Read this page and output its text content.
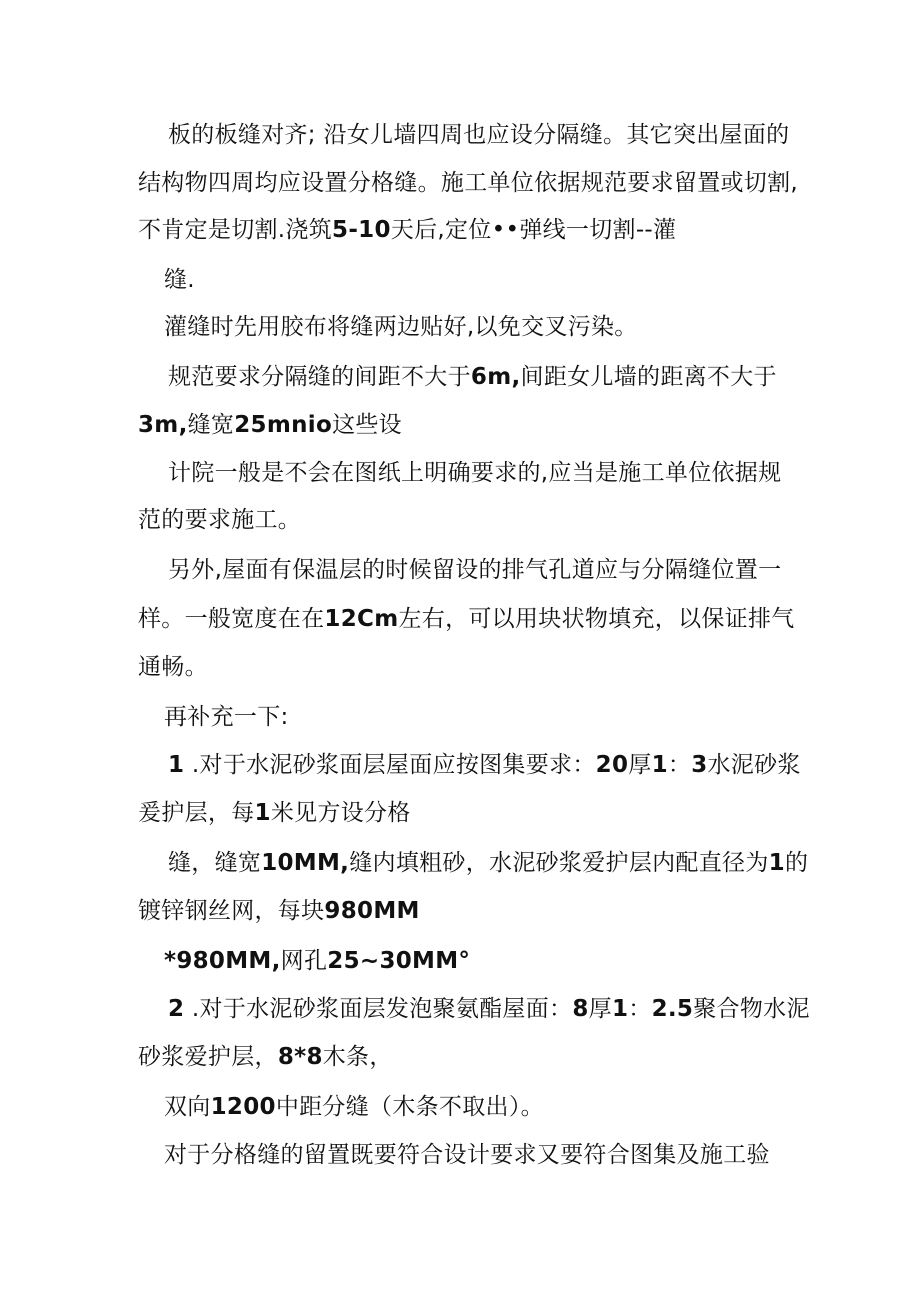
板的板缝对齐; 沿女儿墙四周也应设分隔缝。其它突出屋面的
结构物四周均应设置分格缝。施工单位依据规范要求留置或切割,
不肯定是切割.浇筑5-10天后,定位••弹线一切割--灌
缝.
灌缝时先用胶布将缝两边贴好,以免交叉污染。
规范要求分隔缝的间距不大于6m,间距女儿墙的距离不大于
3m,缝宽25mnio这些设
计院一般是不会在图纸上明确要求的,应当是施工单位依据规
范的要求施工。
另外,屋面有保温层的时候留设的排气孔道应与分隔缝位置一
样。一般宽度在在12Cm左右，可以用块状物填充，以保证排气
通畅。
再补充一下:
1 .对于水泥砂浆面层屋面应按图集要求：20厚1：3水泥砂浆
爰护层，每1米见方设分格
缝，缝宽10MM,缝内填粗砂，水泥砂浆爱护层内配直径为1的
镀锌钢丝网，每块980MM
*980MM,网孔25~30MM°
2 .对于水泥砂浆面层发泡聚氨酯屋面：8厚1：2.5聚合物水泥
砂浆爱护层，8*8木条，
双向1200中距分缝（木条不取出）。
对于分格缝的留置既要符合设计要求又要符合图集及施工验
